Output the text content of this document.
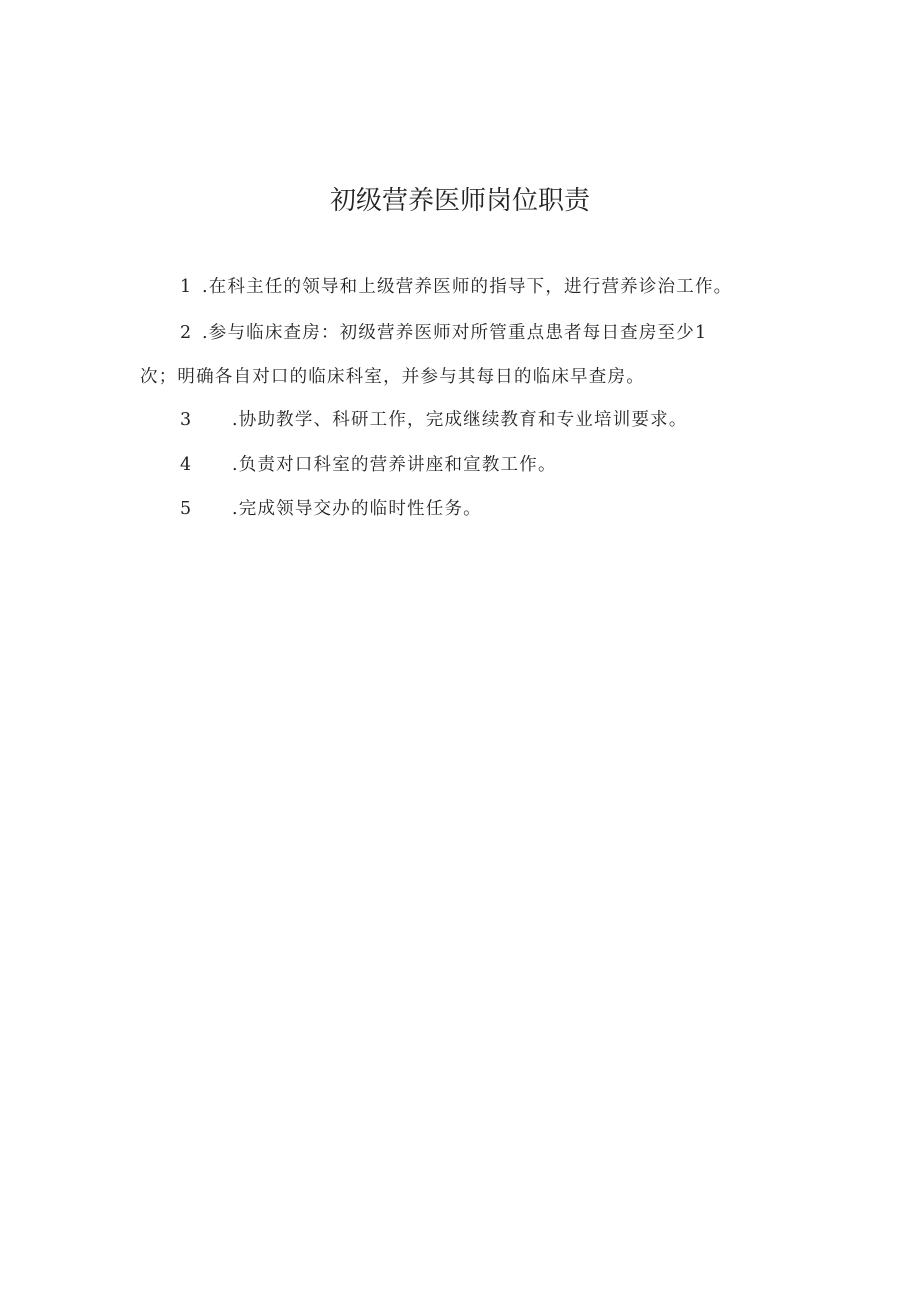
初级营养医师岗位职责
1 .在科主任的领导和上级营养医师的指导下，进行营养诊治工作。
2 .参与临床查房：初级营养医师对所管重点患者每日查房至少1
次；明确各自对口的临床科室，并参与其每日的临床早查房。
3 .协助教学、科研工作，完成继续教育和专业培训要求。
4 .负责对口科室的营养讲座和宣教工作。
5 .完成领导交办的临时性任务。
